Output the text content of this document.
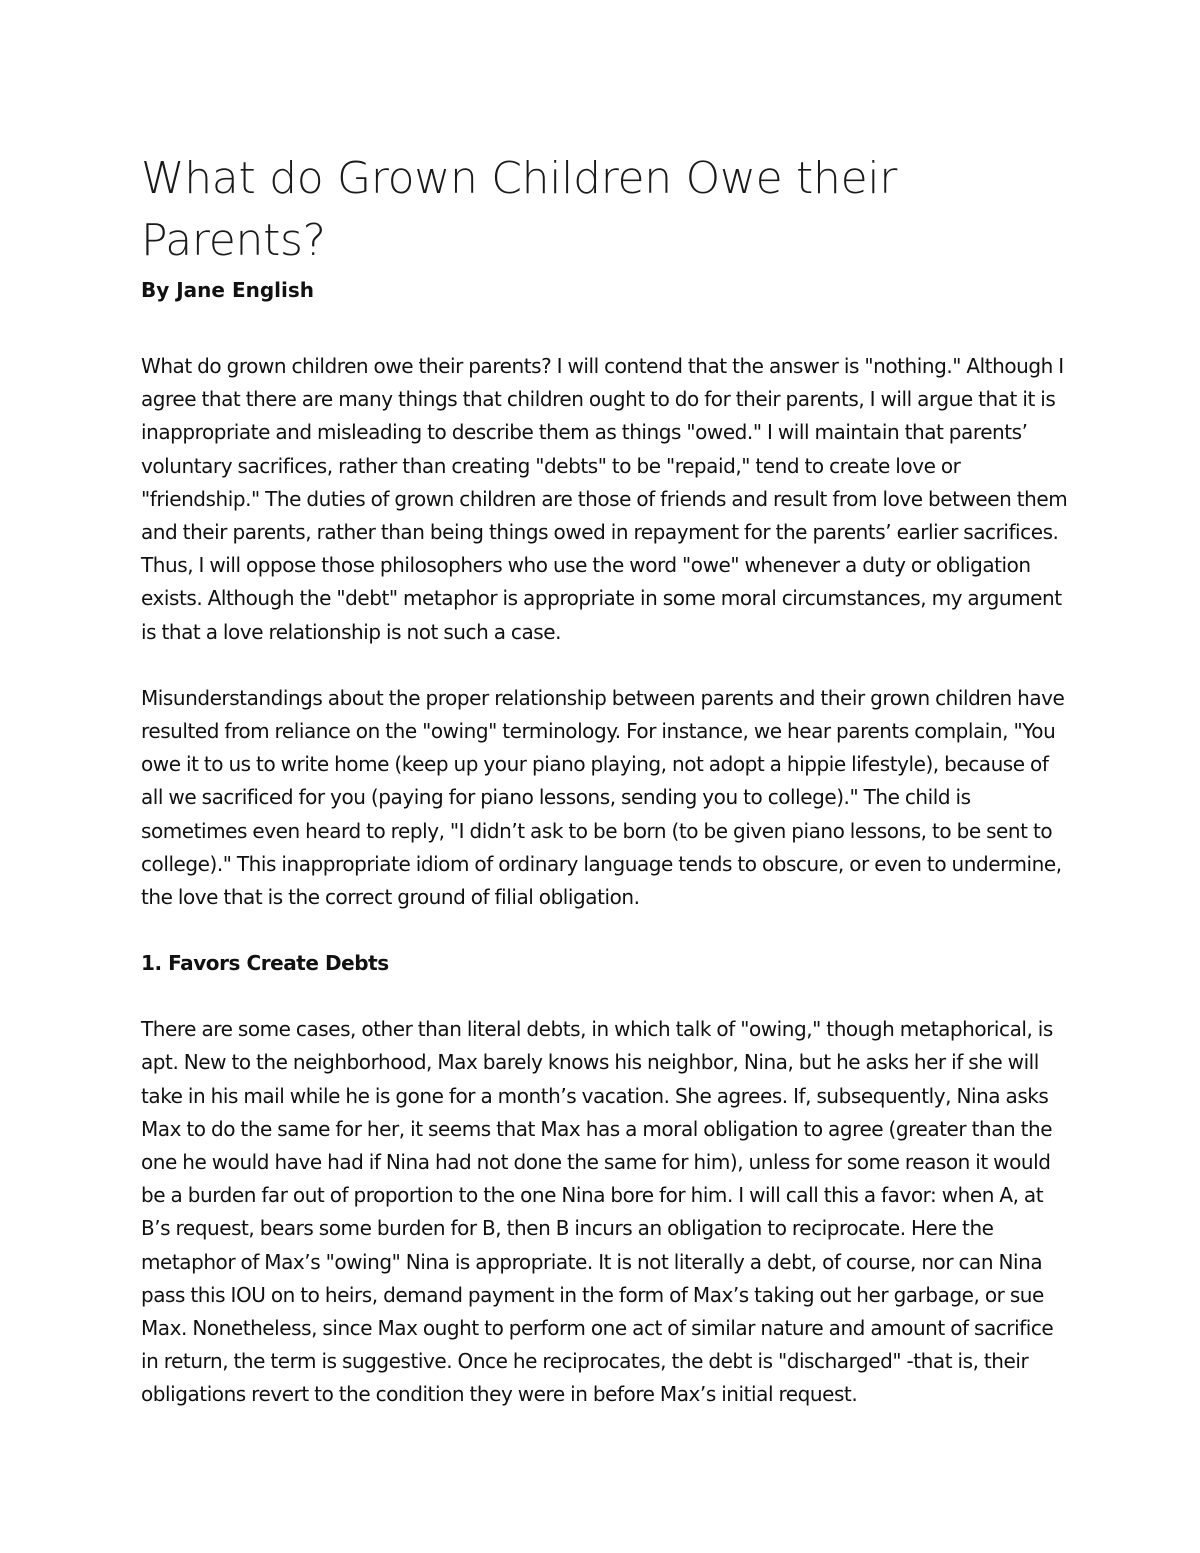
What do Grown Children Owe their Parents?
By Jane English

What do grown children owe their parents? I will contend that the answer is "nothing." Although I agree that there are many things that children ought to do for their parents, I will argue that it is inappropriate and misleading to describe them as things "owed." I will maintain that parents’ voluntary sacrifices, rather than creating "debts" to be "repaid," tend to create love or "friendship." The duties of grown children are those of friends and result from love between them and their parents, rather than being things owed in repayment for the parents’ earlier sacrifices. Thus, I will oppose those philosophers who use the word "owe" whenever a duty or obligation exists. Although the "debt" metaphor is appropriate in some moral circumstances, my argument is that a love relationship is not such a case.

Misunderstandings about the proper relationship between parents and their grown children have resulted from reliance on the "owing" terminology. For instance, we hear parents complain, "You owe it to us to write home (keep up your piano playing, not adopt a hippie lifestyle), because of all we sacrificed for you (paying for piano lessons, sending you to college)." The child is sometimes even heard to reply, "I didn’t ask to be born (to be given piano lessons, to be sent to college)." This inappropriate idiom of ordinary language tends to obscure, or even to undermine, the love that is the correct ground of filial obligation.

1. Favors Create Debts

There are some cases, other than literal debts, in which talk of "owing," though metaphorical, is apt. New to the neighborhood, Max barely knows his neighbor, Nina, but he asks her if she will take in his mail while he is gone for a month’s vacation. She agrees. If, subsequently, Nina asks Max to do the same for her, it seems that Max has a moral obligation to agree (greater than the one he would have had if Nina had not done the same for him), unless for some reason it would be a burden far out of proportion to the one Nina bore for him. I will call this a favor: when A, at B’s request, bears some burden for B, then B incurs an obligation to reciprocate. Here the metaphor of Max’s "owing" Nina is appropriate. It is not literally a debt, of course, nor can Nina pass this IOU on to heirs, demand payment in the form of Max’s taking out her garbage, or sue Max. Nonetheless, since Max ought to perform one act of similar nature and amount of sacrifice in return, the term is suggestive. Once he reciprocates, the debt is "discharged" -that is, their obligations revert to the condition they were in before Max’s initial request.
